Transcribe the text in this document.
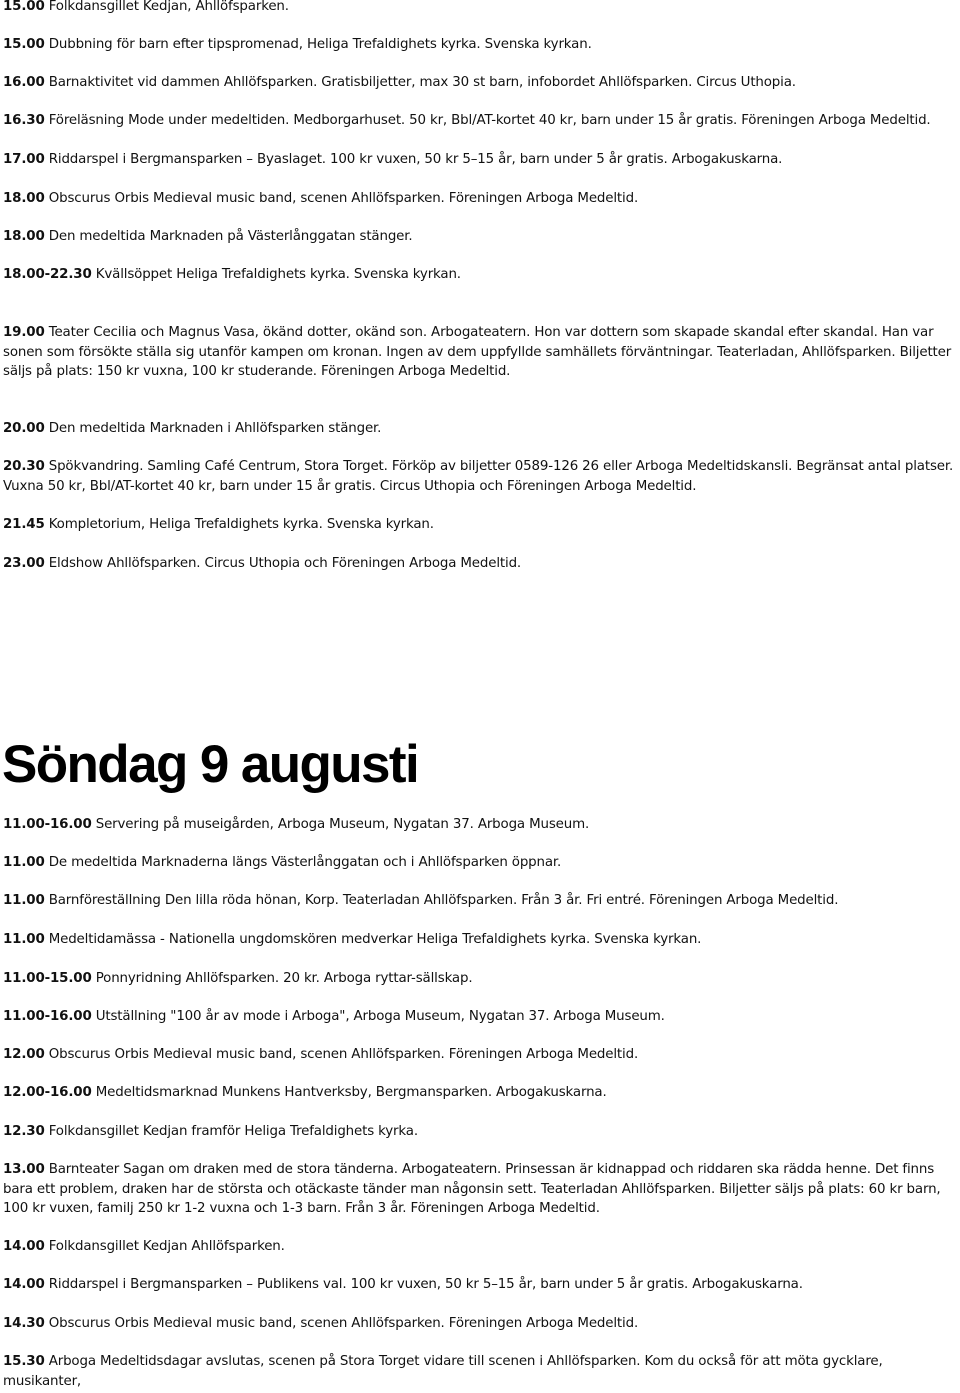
15.00 Folkdansgillet Kedjan, Ahllöfsparken.
15.00 Dubbning för barn efter tipspromenad, Heliga Trefaldighets kyrka. Svenska kyrkan.
16.00 Barnaktivitet vid dammen Ahllöfsparken. Gratisbiljetter, max 30 st barn, infobordet Ahllöfsparken. Circus Uthopia.
16.30 Föreläsning Mode under medeltiden. Medborgarhuset. 50 kr, Bbl/AT-kortet 40 kr, barn under 15 år gratis. Föreningen Arboga Medeltid.
17.00 Riddarspel i Bergmansparken – Byaslaget. 100 kr vuxen, 50 kr 5–15 år, barn under 5 år gratis. Arbogakuskarna.
18.00 Obscurus Orbis Medieval music band, scenen Ahllöfsparken. Föreningen Arboga Medeltid.
18.00 Den medeltida Marknaden på Västerlånggatan stänger.
18.00-22.30 Kvällsöppet Heliga Trefaldighets kyrka. Svenska kyrkan.
19.00 Teater Cecilia och Magnus Vasa, ökänd dotter, okänd son. Arbogateatern. Hon var dottern som skapade skandal efter skandal. Han var sonen som försökte ställa sig utanför kampen om kronan. Ingen av dem uppfyllde samhällets förväntningar. Teaterladan, Ahllöfsparken. Biljetter säljs på plats: 150 kr vuxna, 100 kr studerande. Föreningen Arboga Medeltid.
20.00 Den medeltida Marknaden i Ahllöfsparken stänger.
20.30 Spökvandring. Samling Café Centrum, Stora Torget. Förköp av biljetter 0589-126 26 eller Arboga Medeltidskansli. Begränsat antal platser. Vuxna 50 kr, Bbl/AT-kortet 40 kr, barn under 15 år gratis. Circus Uthopia och Föreningen Arboga Medeltid.
21.45 Kompletorium, Heliga Trefaldighets kyrka. Svenska kyrkan.
23.00 Eldshow Ahllöfsparken. Circus Uthopia och Föreningen Arboga Medeltid.
Söndag 9 augusti
11.00-16.00 Servering på museigården, Arboga Museum, Nygatan 37. Arboga Museum.
11.00 De medeltida Marknaderna längs Västerlånggatan och i Ahllöfsparken öppnar.
11.00 Barnföreställning Den lilla röda hönan, Korp. Teaterladan Ahllöfsparken. Från 3 år. Fri entré. Föreningen Arboga Medeltid.
11.00 Medeltidamässa - Nationella ungdomskören medverkar Heliga Trefaldighets kyrka. Svenska kyrkan.
11.00-15.00 Ponnyridning Ahllöfsparken. 20 kr. Arboga ryttar-sällskap.
11.00-16.00 Utställning "100 år av mode i Arboga", Arboga Museum, Nygatan 37. Arboga Museum.
12.00 Obscurus Orbis Medieval music band, scenen Ahllöfsparken. Föreningen Arboga Medeltid.
12.00-16.00 Medeltidsmarknad Munkens Hantverksby, Bergmansparken. Arbogakuskarna.
12.30 Folkdansgillet Kedjan framför Heliga Trefaldighets kyrka.
13.00 Barnteater Sagan om draken med de stora tänderna. Arbogateatern. Prinsessan är kidnappad och riddaren ska rädda henne. Det finns bara ett problem, draken har de största och otäckaste tänder man någonsin sett. Teaterladan Ahllöfsparken. Biljetter säljs på plats: 60 kr barn, 100 kr vuxen, familj 250 kr 1-2 vuxna och 1-3 barn. Från 3 år. Föreningen Arboga Medeltid.
14.00 Folkdansgillet Kedjan Ahllöfsparken.
14.00 Riddarspel i Bergmansparken – Publikens val. 100 kr vuxen, 50 kr 5–15 år, barn under 5 år gratis. Arbogakuskarna.
14.30 Obscurus Orbis Medieval music band, scenen Ahllöfsparken. Föreningen Arboga Medeltid.
15.30 Arboga Medeltidsdagar avslutas, scenen på Stora Torget vidare till scenen i Ahllöfsparken. Kom du också för att möta gycklare, musikanter,
